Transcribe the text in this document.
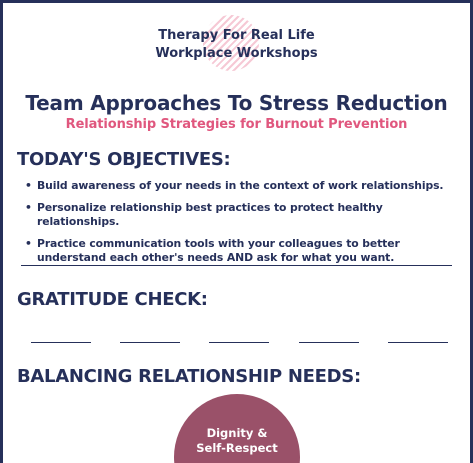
Therapy For Real Life
Workplace Workshops
Team Approaches To Stress Reduction
Relationship Strategies for Burnout Prevention
TODAY'S OBJECTIVES:
• Build awareness of your needs in the context of work relationships.
• Personalize relationship best practices to protect healthy relationships.
• Practice communication tools with your colleagues to better understand each other's needs AND ask for what you want.
GRATITUDE CHECK:
BALANCING RELATIONSHIP NEEDS:
Dignity &
Self-Respect
